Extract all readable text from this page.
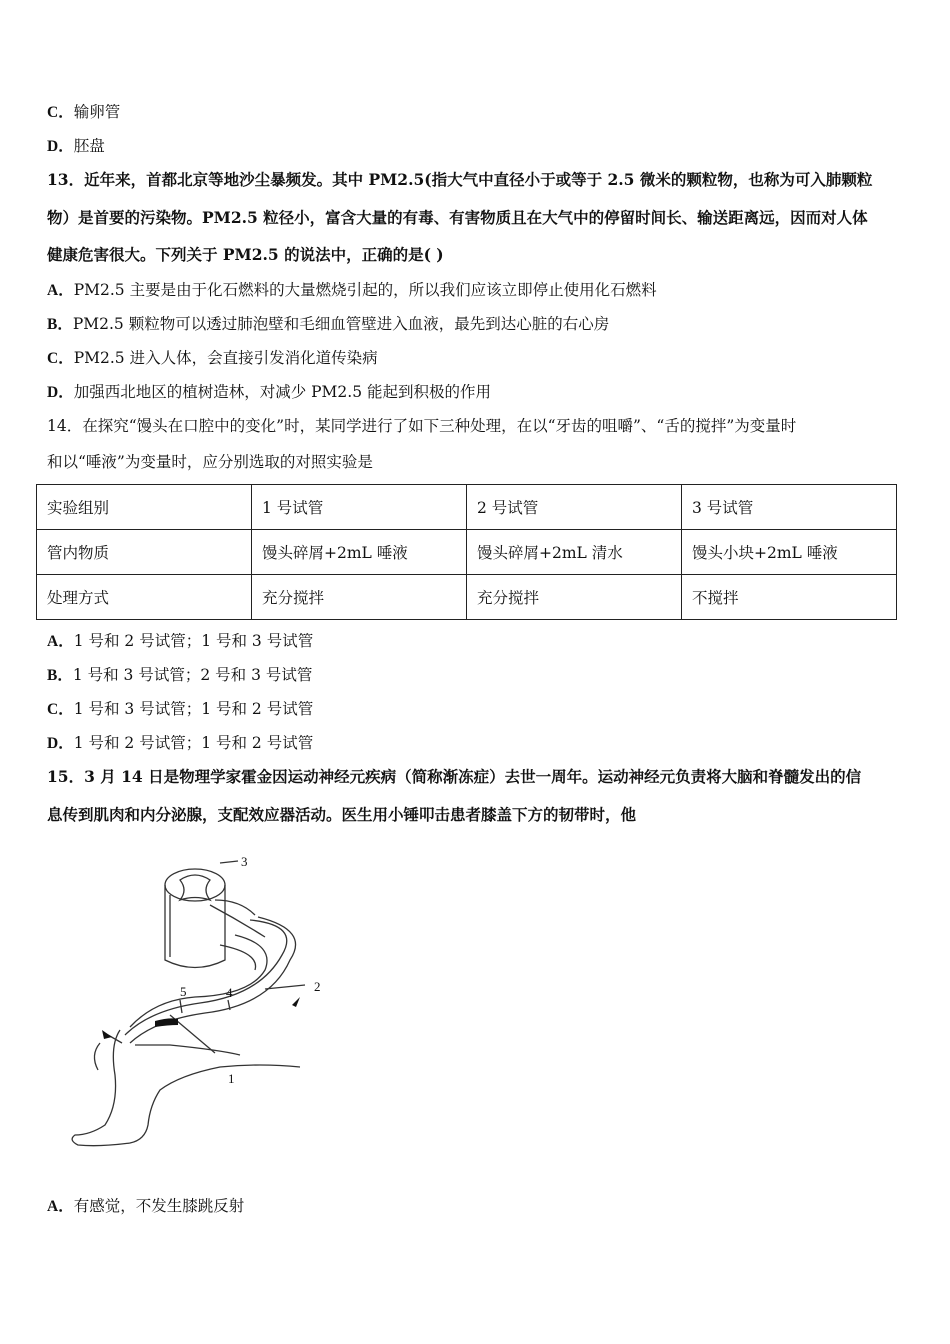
C．输卵管
D．胚盘
13．近年来，首都北京等地沙尘暴频发。其中 PM2.5(指大气中直径小于或等于 2.5 微米的颗粒物，也称为可入肺颗粒
物）是首要的污染物。PM2.5 粒径小，富含大量的有毒、有害物质且在大气中的停留时间长、输送距离远，因而对人体
健康危害很大。下列关于 PM2.5 的说法中，正确的是( )
A．PM2.5 主要是由于化石燃料的大量燃烧引起的，所以我们应该立即停止使用化石燃料
B．PM2.5 颗粒物可以透过肺泡壁和毛细血管壁进入血液，最先到达心脏的右心房
C．PM2.5 进入人体，会直接引发消化道传染病
D．加强西北地区的植树造林，对减少 PM2.5 能起到积极的作用
14．在探究“馒头在口腔中的变化”时，某同学进行了如下三种处理，在以“牙齿的咀嚼”、“舌的搅拌”为变量时
和以“唾液”为变量时，应分别选取的对照实验是
实验组别	1 号试管	2 号试管	3 号试管
管内物质	馒头碎屑+2mL 唾液	馒头碎屑+2mL 清水	馒头小块+2mL 唾液
处理方式	充分搅拌	充分搅拌	不搅拌
A．1 号和 2 号试管；1 号和 3 号试管
B．1 号和 3 号试管；2 号和 3 号试管
C．1 号和 3 号试管；1 号和 2 号试管
D．1 号和 2 号试管；1 号和 2 号试管
15．3 月 14 日是物理学家霍金因运动神经元疾病（简称渐冻症）去世一周年。运动神经元负责将大脑和脊髓发出的信
息传到肌肉和内分泌腺，支配效应器活动。医生用小锤叩击患者膝盖下方的韧带时，他
3
2
4
5
1
A．有感觉，不发生膝跳反射
